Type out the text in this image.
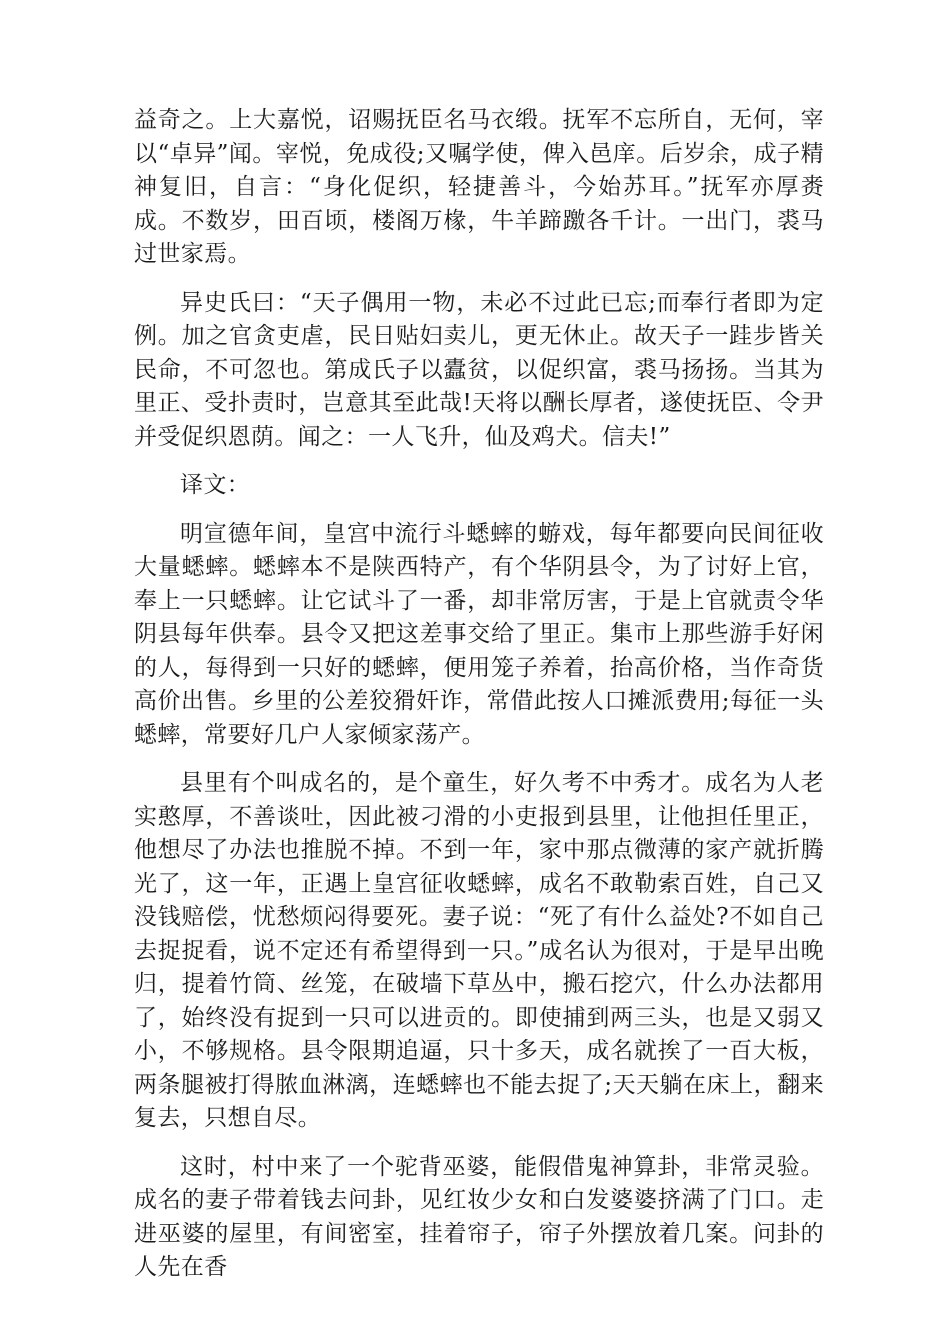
益奇之。上大嘉悦，诏赐抚臣名马衣缎。抚军不忘所自，无何，宰以“卓异”闻。宰悦，免成役;又嘱学使，俾入邑庠。后岁余，成子精神复旧，自言：“身化促织，轻捷善斗，今始苏耳。”抚军亦厚赉成。不数岁，田百顷，楼阁万椽，牛羊蹄躈各千计。一出门，裘马过世家焉。

异史氏曰：“天子偶用一物，未必不过此已忘;而奉行者即为定例。加之官贪吏虐，民日贴妇卖儿，更无休止。故天子一跬步皆关民命，不可忽也。第成氏子以蠹贫，以促织富，裘马扬扬。当其为里正、受扑责时，岂意其至此哉!天将以酬长厚者，遂使抚臣、令尹并受促织恩荫。闻之：一人飞升，仙及鸡犬。信夫!”

译文：

明宣德年间，皇宫中流行斗蟋蟀的蝣戏，每年都要向民间征收大量蟋蟀。蟋蟀本不是陕西特产，有个华阴县令，为了讨好上官，奉上一只蟋蟀。让它试斗了一番，却非常厉害，于是上官就责令华阴县每年供奉。县令又把这差事交给了里正。集市上那些游手好闲的人，每得到一只好的蟋蟀，便用笼子养着，抬高价格，当作奇货高价出售。乡里的公差狡猾奸诈，常借此按人口摊派费用;每征一头蟋蟀，常要好几户人家倾家荡产。

县里有个叫成名的，是个童生，好久考不中秀才。成名为人老实憨厚，不善谈吐，因此被刁滑的小吏报到县里，让他担任里正，他想尽了办法也推脱不掉。不到一年，家中那点微薄的家产就折腾光了，这一年，正遇上皇宫征收蟋蟀，成名不敢勒索百姓，自己又没钱赔偿，忧愁烦闷得要死。妻子说：“死了有什么益处?不如自己去捉捉看，说不定还有希望得到一只。”成名认为很对，于是早出晚归，提着竹筒、丝笼，在破墙下草丛中，搬石挖穴，什么办法都用了，始终没有捉到一只可以进贡的。即使捕到两三头，也是又弱又小，不够规格。县令限期追逼，只十多天，成名就挨了一百大板，两条腿被打得脓血淋漓，连蟋蟀也不能去捉了;天天躺在床上，翻来复去，只想自尽。

这时，村中来了一个驼背巫婆，能假借鬼神算卦，非常灵验。成名的妻子带着钱去问卦，见红妆少女和白发婆婆挤满了门口。走进巫婆的屋里，有间密室，挂着帘子，帘子外摆放着几案。问卦的人先在香
